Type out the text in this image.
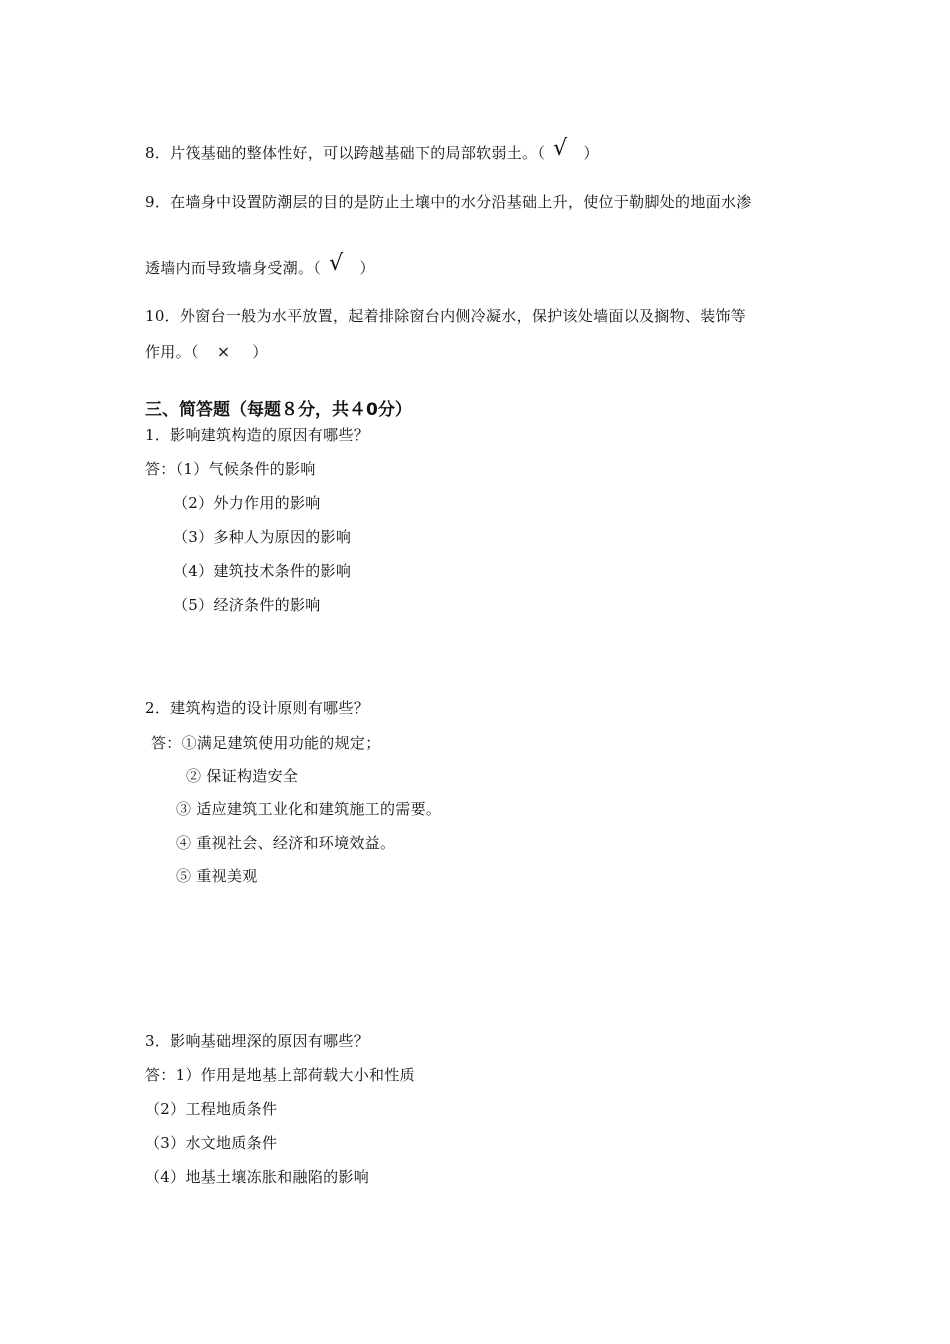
8．片筏基础的整体性好，可以跨越基础下的局部软弱土。（ √ ）
9．在墙身中设置防潮层的目的是防止土壤中的水分沿基础上升，使位于勒脚处的地面水渗
透墙内而导致墙身受潮。（ √ ）
10．外窗台一般为水平放置，起着排除窗台内侧冷凝水，保护该处墙面以及搁物、装饰等
作用。（ × ）
三、简答题（每题８分，共４0分）
1．影响建筑构造的原因有哪些？
答：（1）气候条件的影响
（2）外力作用的影响
（3）多种人为原因的影响
（4）建筑技术条件的影响
（5）经济条件的影响
2．建筑构造的设计原则有哪些？
答：①满足建筑使用功能的规定；
② 保证构造安全
③ 适应建筑工业化和建筑施工的需要。
④ 重视社会、经济和环境效益。
⑤ 重视美观
3．影响基础埋深的原因有哪些？
答：1）作用是地基上部荷载大小和性质
（2）工程地质条件
（3）水文地质条件
（4）地基土壤冻胀和融陷的影响
